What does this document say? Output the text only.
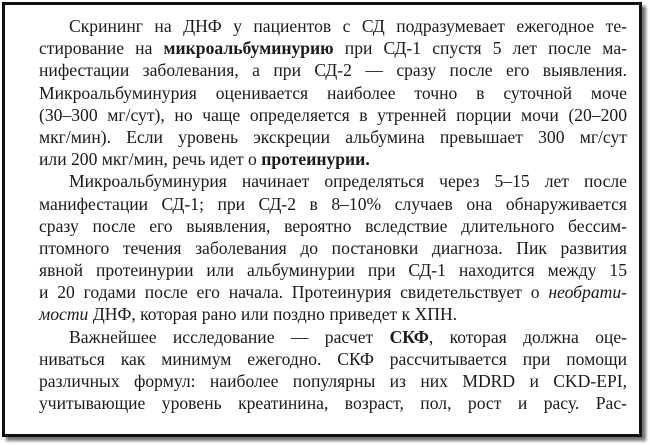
Скрининг на ДНФ у пациентов с СД подразумевает ежегодное те-
стирование на микроальбуминурию при СД-1 спустя 5 лет после ма-
нифестации заболевания, а при СД-2 — сразу после его выявления.
Микроальбуминурия оценивается наиболее точно в суточной моче
(30–300 мг/сут), но чаще определяется в утренней порции мочи (20–200
мкг/мин). Если уровень экскреции альбумина превышает 300 мг/сут
или 200 мкг/мин, речь идет о протеинурии.
Микроальбуминурия начинает определяться через 5–15 лет после
манифестации СД-1; при СД-2 в 8–10% случаев она обнаруживается
сразу после его выявления, вероятно вследствие длительного бессим-
птомного течения заболевания до постановки диагноза. Пик развития
явной протеинурии или альбуминурии при СД-1 находится между 15
и 20 годами после его начала. Протеинурия свидетельствует о необрати-
мости ДНФ, которая рано или поздно приведет к ХПН.
Важнейшее исследование — расчет СКФ, которая должна оце-
ниваться как минимум ежегодно. СКФ рассчитывается при помощи
различных формул: наиболее популярны из них MDRD и CKD-EPI,
учитывающие уровень креатинина, возраст, пол, рост и расу. Рас-
